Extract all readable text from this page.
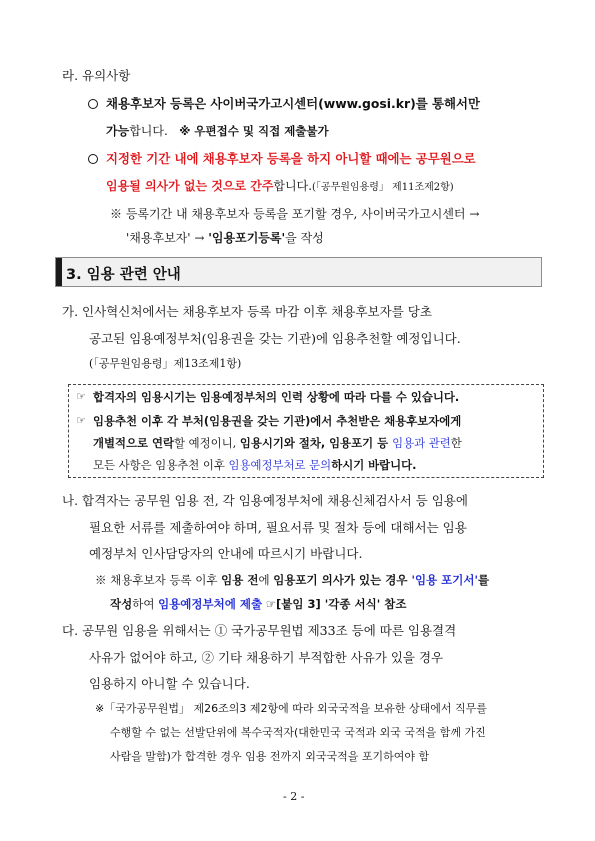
라. 유의사항
채용후보자 등록은 사이버국가고시센터(www.gosi.kr)를 통해서만
가능합니다. ※ 우편접수 및 직접 제출불가
지정한 기간 내에 채용후보자 등록을 하지 아니할 때에는 공무원으로
임용될 의사가 없는 것으로 간주합니다.(「공무원임용령」 제11조제2항)
※ 등록기간 내 채용후보자 등록을 포기할 경우, 사이버국가고시센터 →
'채용후보자' → '임용포기등록'을 작성
3. 임용 관련 안내
가. 인사혁신처에서는 채용후보자 등록 마감 이후 채용후보자를 당초
공고된 임용예정부처(임용권을 갖는 기관)에 임용추천할 예정입니다.
(「공무원임용령」제13조제1항)
☞ 합격자의 임용시기는 임용예정부처의 인력 상황에 따라 다를 수 있습니다.
☞ 임용추천 이후 각 부처(임용권을 갖는 기관)에서 추천받은 채용후보자에게
개별적으로 연락할 예정이니, 임용시기와 절차, 임용포기 등 임용과 관련한
모든 사항은 임용추천 이후 임용예정부처로 문의하시기 바랍니다.
나. 합격자는 공무원 임용 전, 각 임용예정부처에 채용신체검사서 등 임용에
필요한 서류를 제출하여야 하며, 필요서류 및 절차 등에 대해서는 임용
예정부처 인사담당자의 안내에 따르시기 바랍니다.
※ 채용후보자 등록 이후 임용 전에 임용포기 의사가 있는 경우 '임용 포기서'를
작성하여 임용예정부처에 제출 ☞[붙임 3] '각종 서식' 참조
다. 공무원 임용을 위해서는 ① 국가공무원법 제33조 등에 따른 임용결격
사유가 없어야 하고, ② 기타 채용하기 부적합한 사유가 있을 경우
임용하지 아니할 수 있습니다.
※「국가공무원법」 제26조의3 제2항에 따라 외국국적을 보유한 상태에서 직무를
수행할 수 없는 선발단위에 복수국적자(대한민국 국적과 외국 국적을 함께 가진
사람을 말함)가 합격한 경우 임용 전까지 외국국적을 포기하여야 함
- 2 -
